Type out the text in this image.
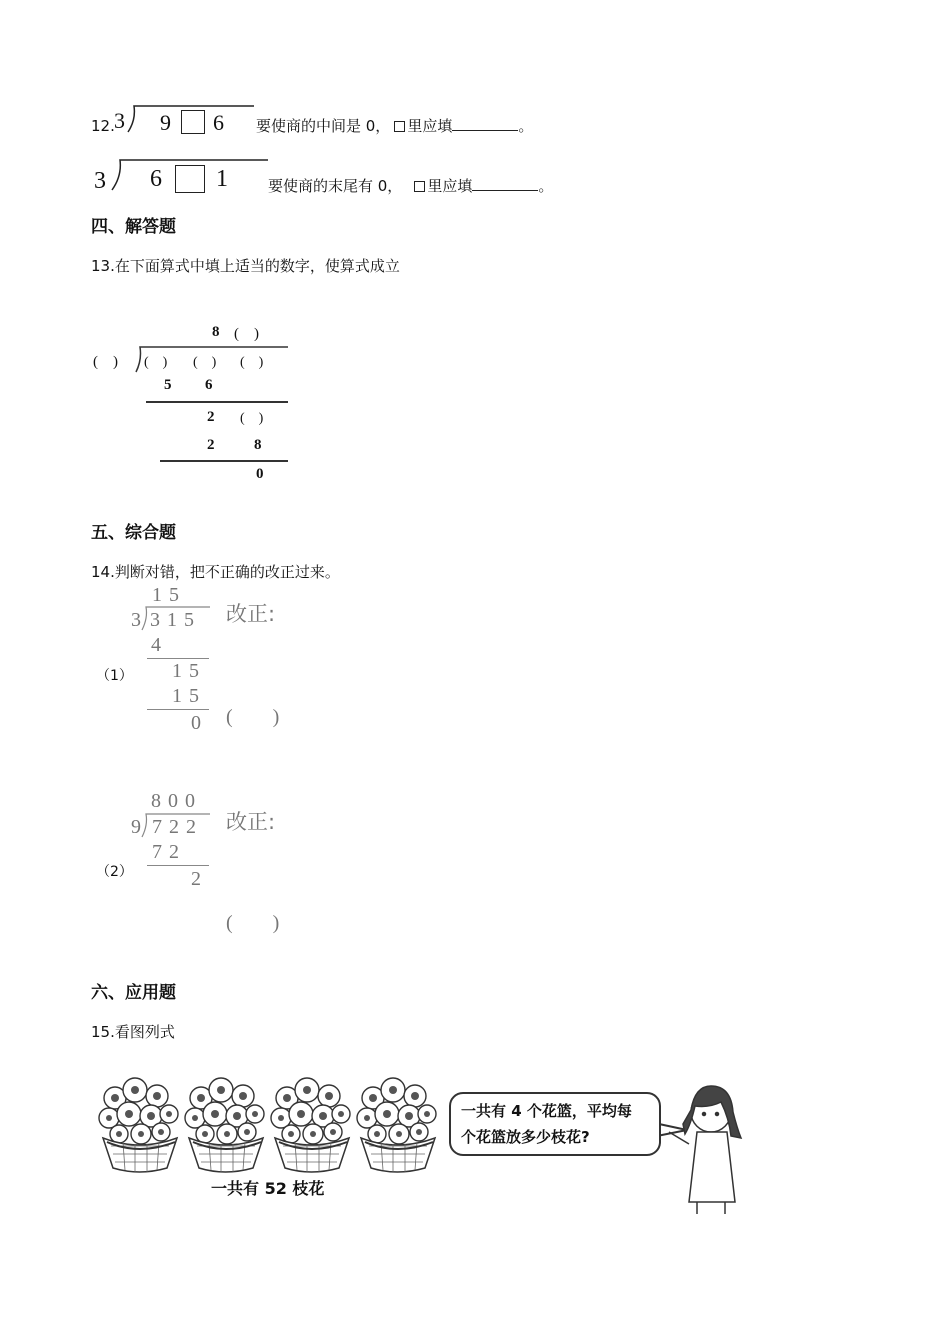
12. 3 9 6 要使商的中间是 0， 里应填	。
3 6 1	要使商的末尾有 0， 里应填	。
四、解答题
13.在下面算式中填上适当的数字，使算式成立
8 (　)
(　) (　) (　) (　)
5 6
2 (　)
2	8
0
五、综合题
14.判断对错，把不正确的改正过来。
（1）
1 5
3 3 1 5
4
1 5
1 5
0
改正:
(　　)
（2）
8 0 0
9 7 2 2
7 2
2
改正:
(　　)
六、应用题
15.看图列式
一共有 52 枝花
一共有 4 个花篮，平均每
个花篮放多少枝花?
